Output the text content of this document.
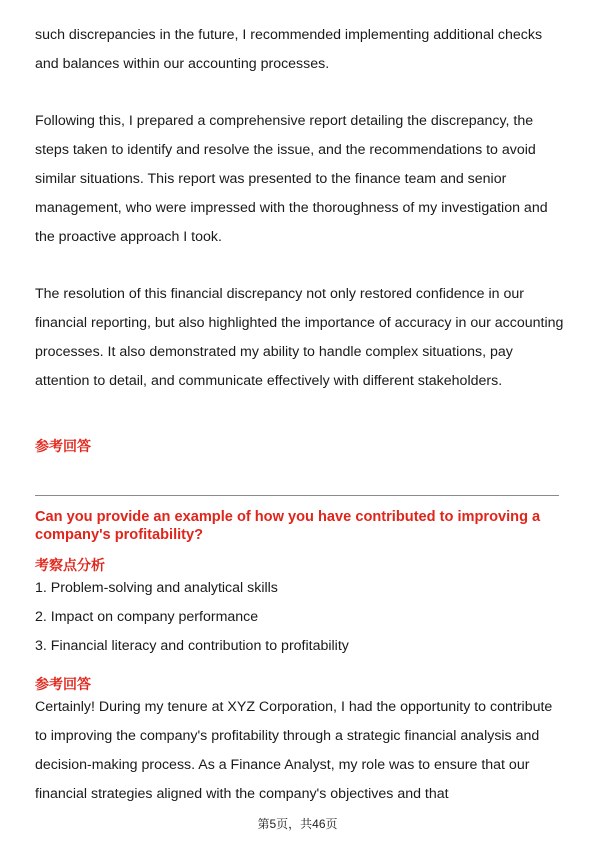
such discrepancies in the future, I recommended implementing additional checks and balances within our accounting processes.

Following this, I prepared a comprehensive report detailing the discrepancy, the steps taken to identify and resolve the issue, and the recommendations to avoid similar situations. This report was presented to the finance team and senior management, who were impressed with the thoroughness of my investigation and the proactive approach I took.

The resolution of this financial discrepancy not only restored confidence in our financial reporting, but also highlighted the importance of accuracy in our accounting processes. It also demonstrated my ability to handle complex situations, pay attention to detail, and communicate effectively with different stakeholders.

参考回答

Can you provide an example of how you have contributed to improving a company's profitability?

考察点分析

1. Problem-solving and analytical skills

2. Impact on company performance

3. Financial literacy and contribution to profitability

参考回答

Certainly! During my tenure at XYZ Corporation, I had the opportunity to contribute to improving the company's profitability through a strategic financial analysis and decision-making process. As a Finance Analyst, my role was to ensure that our financial strategies aligned with the company's objectives and that

第5页，共46页
